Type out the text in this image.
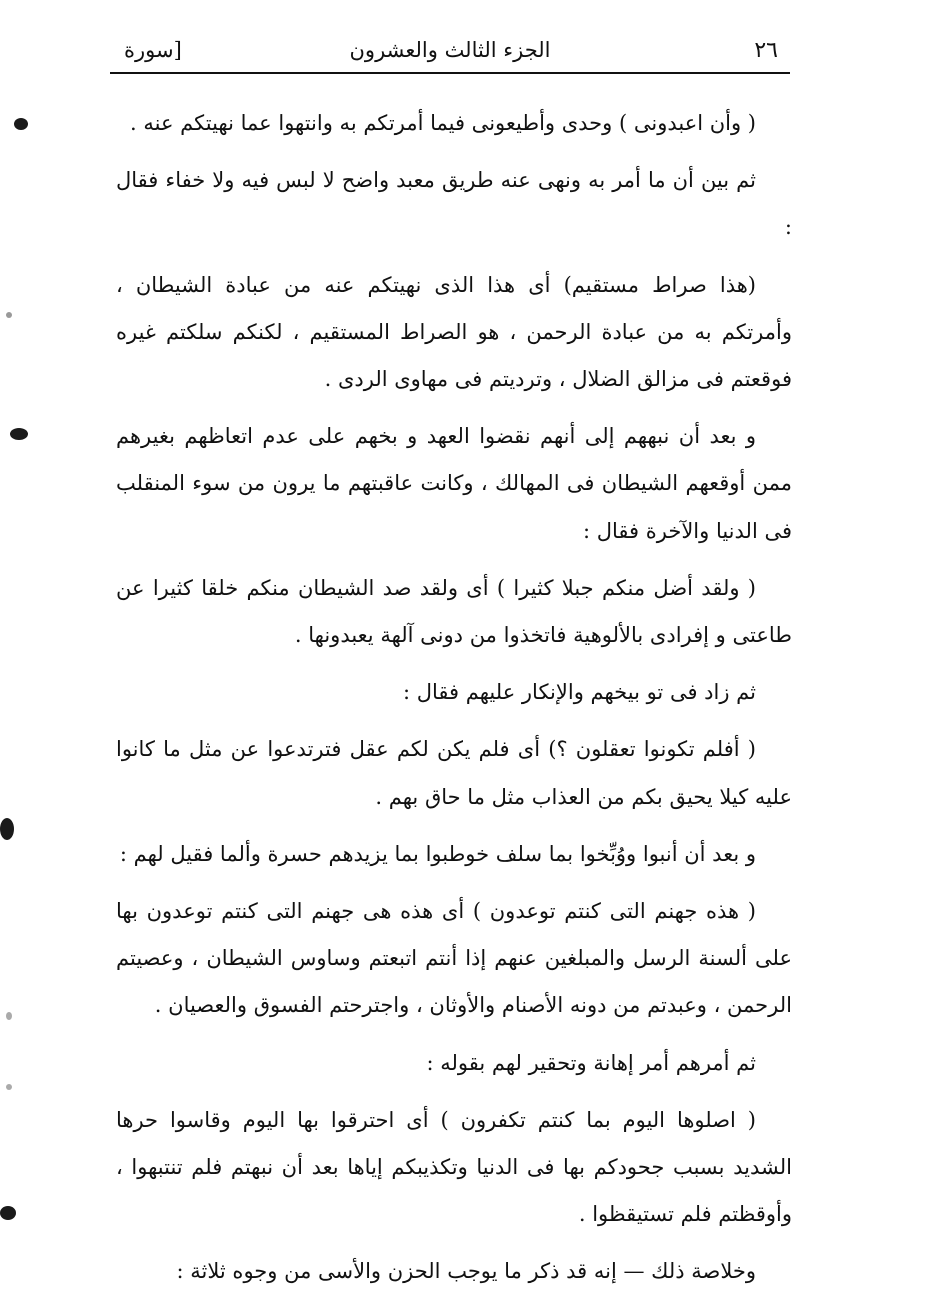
٢٦
الجزء الثالث والعشرون
[سورة

( وأن اعبدونى ) وحدى وأطيعونى فيما أمرتكم به وانتهوا عما نهيتكم عنه .

ثم بين أن ما أمر به ونهى عنه طريق معبد واضح لا لبس فيه ولا خفاء فقال :

(هذا صراط مستقيم) أى هذا الذى نهيتكم عنه من عبادة الشيطان ، وأمرتكم به من عبادة الرحمن ، هو الصراط المستقيم ، لكنكم سلكتم غيره فوقعتم فى مزالق الضلال ، وترديتم فى مهاوى الردى .

و بعد أن نبههم إلى أنهم نقضوا العهد و بخهم على عدم اتعاظهم بغيرهم ممن أوقعهم الشيطان فى المهالك ، وكانت عاقبتهم ما يرون من سوء المنقلب فى الدنيا والآخرة فقال :

( ولقد أضل منكم جبلا كثيرا ) أى ولقد صد الشيطان منكم خلقا كثيرا عن طاعتى و إفرادى بالألوهية فاتخذوا من دونى آلهة يعبدونها .

ثم زاد فى تو بيخهم والإنكار عليهم فقال :

( أفلم تكونوا تعقلون ؟) أى فلم يكن لكم عقل فترتدعوا عن مثل ما كانوا عليه كيلا يحيق بكم من العذاب مثل ما حاق بهم .

و بعد أن أنبوا ووُبِّخوا بما سلف خوطبوا بما يزيدهم حسرة وألما فقيل لهم :

( هذه جهنم التى كنتم توعدون ) أى هذه هى جهنم التى كنتم توعدون بها على ألسنة الرسل والمبلغين عنهم إذا أنتم اتبعتم وساوس الشيطان ، وعصيتم الرحمن ، وعبدتم من دونه الأصنام والأوثان ، واجترحتم الفسوق والعصيان .

ثم أمرهم أمر إهانة وتحقير لهم بقوله :

( اصلوها اليوم بما كنتم تكفرون ) أى احترقوا بها اليوم وقاسوا حرها الشديد بسبب جحودكم بها فى الدنيا وتكذيبكم إياها بعد أن نبهتم فلم تنتبهوا ، وأوقظتم فلم تستيقظوا .

وخلاصة ذلك — إنه قد ذكر ما يوجب الحزن والأسى من وجوه ثلاثة :
